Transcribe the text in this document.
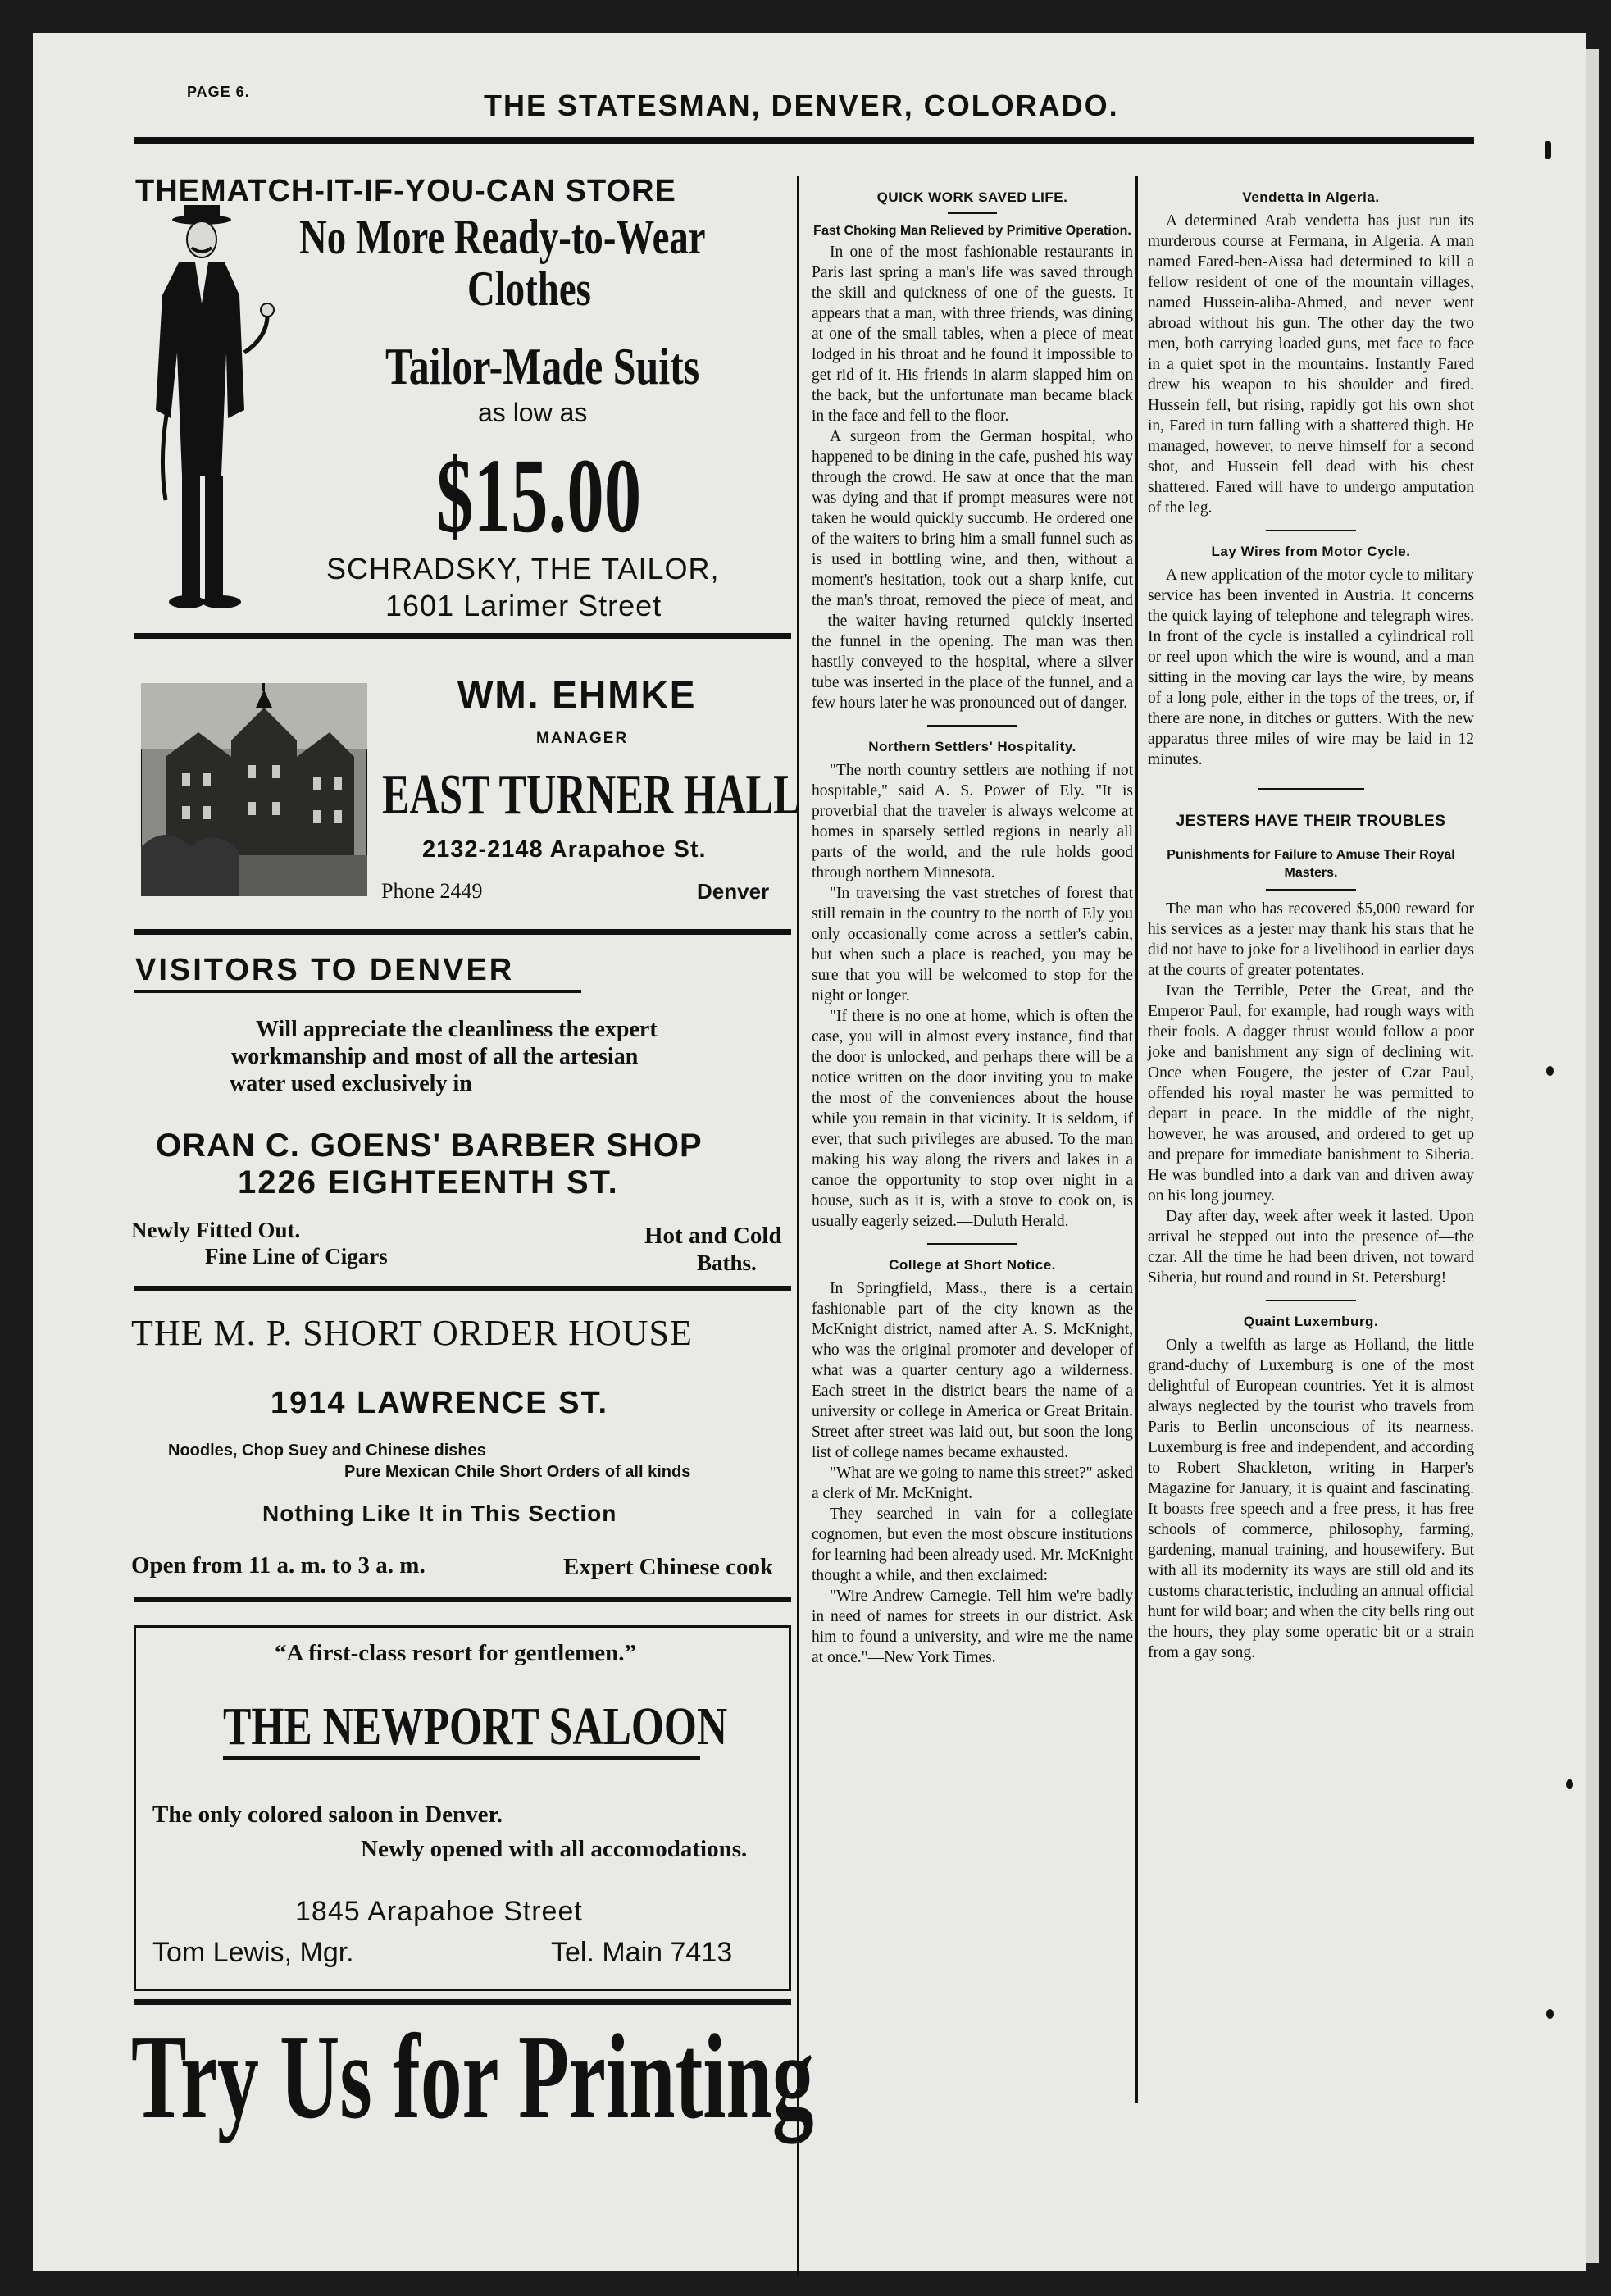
PAGE 6.	THE STATESMAN, DENVER, COLORADO.
THEMATCH-IT-IF-YOU-CAN STORE
No More Ready-to-Wear
Clothes
Tailor-Made Suits
as low as
$15.00
SCHRADSKY, THE TAILOR,
1601 Larimer Street
WM. EHMKE
MANAGER
EAST TURNER HALL
2132-2148 Arapahoe St.
Phone 2449	Denver
VISITORS TO DENVER
Will appreciate the cleanliness the expert
workmanship and most of all the artesian
water used exclusively in
ORAN C. GOENS' BARBER SHOP
1226 EIGHTEENTH ST.
Newly Fitted Out.
Fine Line of Cigars
Hot and Cold
Baths.
THE M. P. SHORT ORDER HOUSE
1914 LAWRENCE ST.
Noodles, Chop Suey and Chinese dishes
Pure Mexican Chile Short Orders of all kinds
Nothing Like It in This Section
Open from 11 a. m. to 3 a. m.	Expert Chinese cook
“A first-class resort for gentlemen.”
THE NEWPORT SALOON
The only colored saloon in Denver.
Newly opened with all accomodations.
1845 Arapahoe Street
Tom Lewis, Mgr.	Tel. Main 7413
Try Us for Printing
QUICK WORK SAVED LIFE.
Fast Choking Man Relieved by Primitive Operation.

In one of the most fashionable restaurants in Paris last spring a man's life was saved through the skill and quickness of one of the guests. It appears that a man, with three friends, was dining at one of the small tables, when a piece of meat lodged in his throat and he found it impossible to get rid of it. His friends in alarm slapped him on the back, but the unfortunate man became black in the face and fell to the floor.

A surgeon from the German hospital, who happened to be dining in the cafe, pushed his way through the crowd. He saw at once that the man was dying and that if prompt measures were not taken he would quickly succumb. He ordered one of the waiters to bring him a small funnel such as is used in bottling wine, and then, without a moment's hesitation, took out a sharp knife, cut the man's throat, removed the piece of meat, and—the waiter having returned—quickly inserted the funnel in the opening. The man was then hastily conveyed to the hospital, where a silver tube was inserted in the place of the funnel, and a few hours later he was pronounced out of danger.

Northern Settlers' Hospitality.

"The north country settlers are nothing if not hospitable," said A. S. Power of Ely. "It is proverbial that the traveler is always welcome at homes in sparsely settled regions in nearly all parts of the world, and the rule holds good through northern Minnesota.

"In traversing the vast stretches of forest that still remain in the country to the north of Ely you only occasionally come across a settler's cabin, but when such a place is reached, you may be sure that you will be welcomed to stop for the night or longer.

"If there is no one at home, which is often the case, you will in almost every instance, find that the door is unlocked, and perhaps there will be a notice written on the door inviting you to make the most of the conveniences about the house while you remain in that vicinity. It is seldom, if ever, that such privileges are abused. To the man making his way along the rivers and lakes in a canoe the opportunity to stop over night in a house, such as it is, with a stove to cook on, is usually eagerly seized.—Duluth Herald.

College at Short Notice.

In Springfield, Mass., there is a certain fashionable part of the city known as the McKnight district, named after A. S. McKnight, who was the original promoter and developer of what was a quarter century ago a wilderness. Each street in the district bears the name of a university or college in America or Great Britain. Street after street was laid out, but soon the long list of college names became exhausted.

"What are we going to name this street?" asked a clerk of Mr. McKnight.

They searched in vain for a collegiate cognomen, but even the most obscure institutions for learning had been already used. Mr. McKnight thought a while, and then exclaimed:

"Wire Andrew Carnegie. Tell him we're badly in need of names for streets in our district. Ask him to found a university, and wire me the name at once."—New York Times.

Vendetta in Algeria.

A determined Arab vendetta has just run its murderous course at Fermana, in Algeria. A man named Fared-ben-Aissa had determined to kill a fellow resident of one of the mountain villages, named Hussein-aliba-Ahmed, and never went abroad without his gun. The other day the two men, both carrying loaded guns, met face to face in a quiet spot in the mountains. Instantly Fared drew his weapon to his shoulder and fired. Hussein fell, but rising, rapidly got his own shot in, Fared in turn falling with a shattered thigh. He managed, however, to nerve himself for a second shot, and Hussein fell dead with his chest shattered. Fared will have to undergo amputation of the leg.

Lay Wires from Motor Cycle.

A new application of the motor cycle to military service has been invented in Austria. It concerns the quick laying of telephone and telegraph wires. In front of the cycle is installed a cylindrical roll or reel upon which the wire is wound, and a man sitting in the moving car lays the wire, by means of a long pole, either in the tops of the trees, or, if there are none, in ditches or gutters. With the new apparatus three miles of wire may be laid in 12 minutes.

JESTERS HAVE THEIR TROUBLES
Punishments for Failure to Amuse Their Royal Masters.

The man who has recovered $5,000 reward for his services as a jester may thank his stars that he did not have to joke for a livelihood in earlier days at the courts of greater potentates.

Ivan the Terrible, Peter the Great, and the Emperor Paul, for example, had rough ways with their fools. A dagger thrust would follow a poor joke and banishment any sign of declining wit. Once when Fougere, the jester of Czar Paul, offended his royal master he was permitted to depart in peace. In the middle of the night, however, he was aroused, and ordered to get up and prepare for immediate banishment to Siberia. He was bundled into a dark van and driven away on his long journey.

Day after day, week after week it lasted. Upon arrival he stepped out into the presence of—the czar. All the time he had been driven, not toward Siberia, but round and round in St. Petersburg!

Quaint Luxemburg.

Only a twelfth as large as Holland, the little grand-duchy of Luxemburg is one of the most delightful of European countries. Yet it is almost always neglected by the tourist who travels from Paris to Berlin unconscious of its nearness. Luxemburg is free and independent, and according to Robert Shackleton, writing in Harper's Magazine for January, it is quaint and fascinating. It boasts free speech and a free press, it has free schools of commerce, philosophy, farming, gardening, manual training, and housewifery. But with all its modernity its ways are still old and its customs characteristic, including an annual official hunt for wild boar; and when the city bells ring out the hours, they play some operatic bit or a strain from a gay song.
